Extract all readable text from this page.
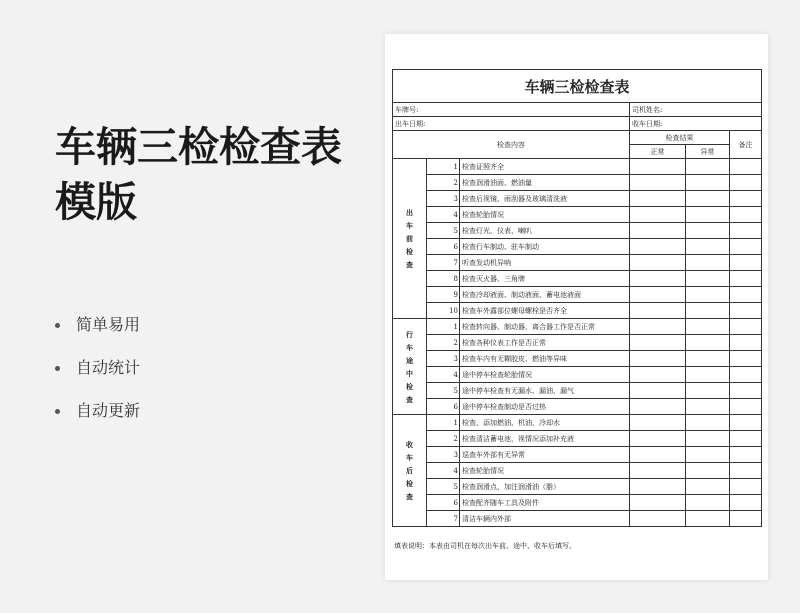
车辆三检检查表
模版
简单易用
自动统计
自动更新
车辆三检检查表					
车牌号:			司机姓名:		
出车日期:			收车日期:		
检查内容			检查结果		备注
			正常	异常	

出车前检查	1	检查证照齐全			
	2	检查润滑油面、燃油量			
	3	检查后视镜、雨刮器及玻璃清洗液			
	4	检查轮胎情况			
	5	检查灯光、仪表、喇叭			
	6	检查行车制动、驻车制动			
	7	听查发动机异响			
	8	检查灭火器、三角牌			
	9	检查冷却液面、制动液面、蓄电池液面			
	10	检查车外露部位螺母螺栓是否齐全			

行车途中检查	1	检查转向器、制动器、离合器工作是否正常			
	2	检查各种仪表工作是否正常			
	3	检查车内有无糊胶皮、燃油等异味			
	4	途中停车检查轮胎情况			
	5	途中停车检查有无漏水、漏油、漏气			
	6	途中停车检查制动是否过热			

收车后检查	1	检查、添加燃油、机油、冷却水			
	2	检查清洁蓄电池，视情况添加补充液			
	3	巡查车外部有无异常			
	4	检查轮胎情况			
	5	检查润滑点，加注润滑油（脂）			
	6	检查配齐随车工具及附件			
	7	清洁车辆内外部			
填表说明：本表由司机在每次出车前、途中、收车后填写。
